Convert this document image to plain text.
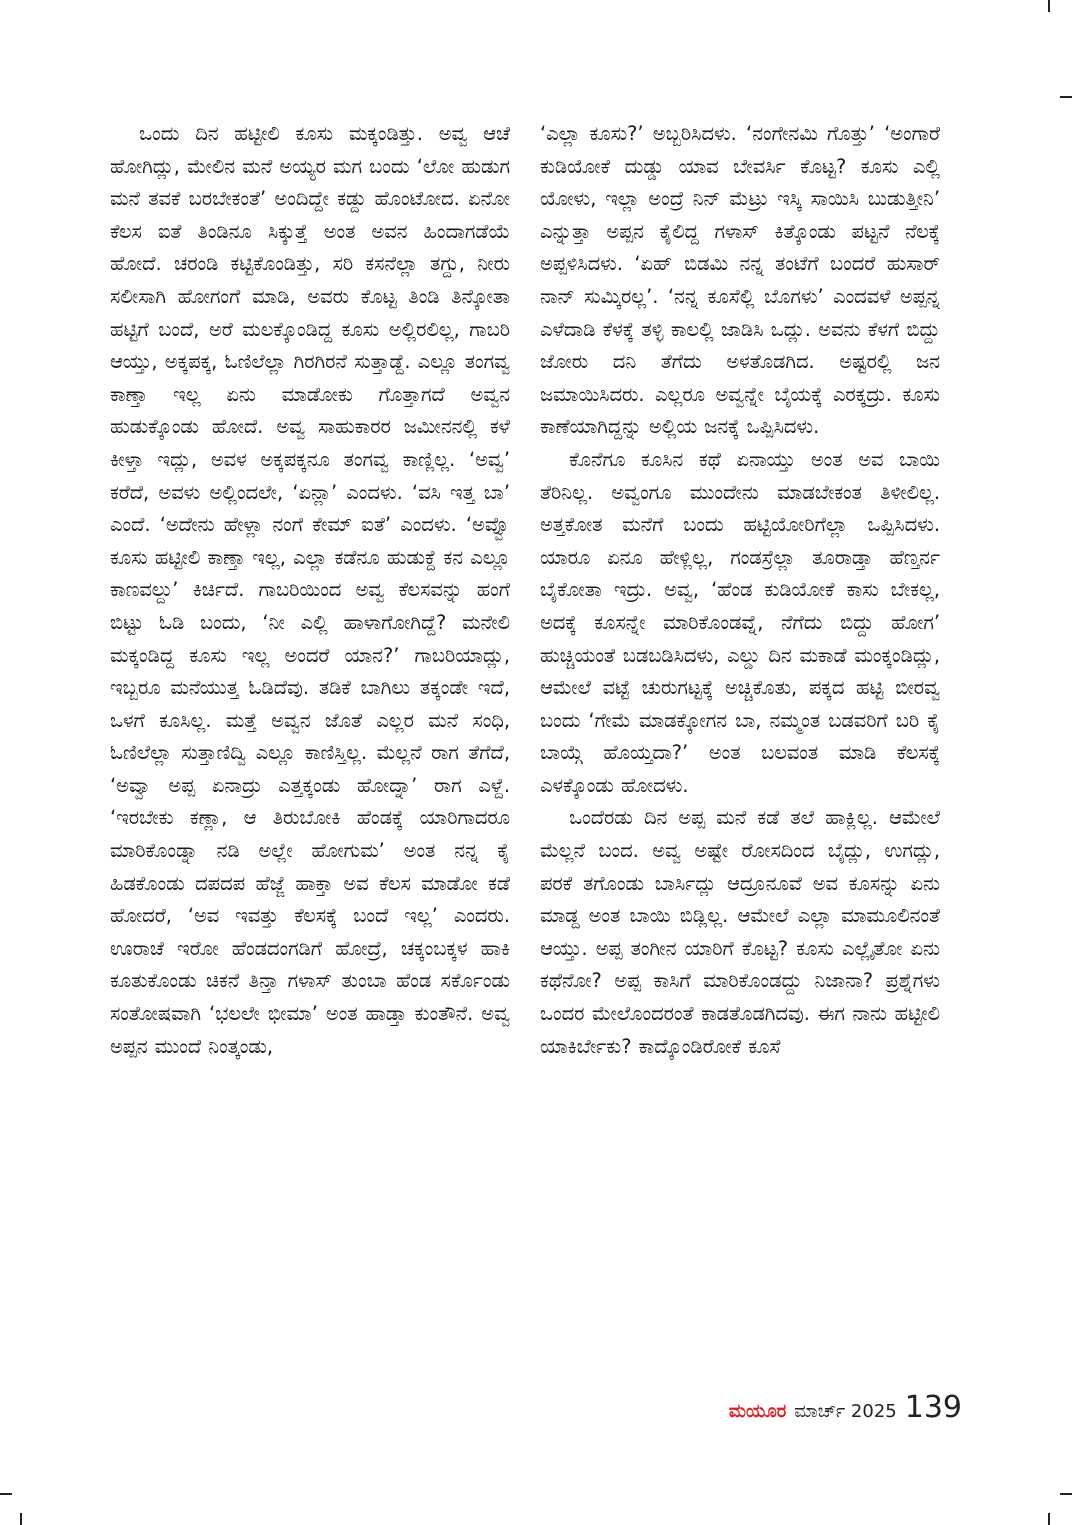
ಒಂದು ದಿನ ಹಟ್ಟೀಲಿ ಕೂಸು ಮಕ್ಕಂಡಿತ್ತು. ಅವ್ವ ಆಚೆ ಹೋಗಿದ್ಲು, ಮೇಲಿನ ಮನೆ ಅಯ್ಯರ ಮಗ ಬಂದು ‘ಲೋ ಹುಡುಗ ಮನೆ ತವಕೆ ಬರಬೇಕಂತೆ’ ಅಂದಿದ್ದೇ ಕಡ್ದು ಹೊಂಟೋದ. ಏನೋ ಕೆಲಸ ಐತೆ ತಿಂಡಿನೂ ಸಿಕ್ಕುತ್ತೆ ಅಂತ ಅವನ ಹಿಂದಾಗಡೆಯೆ ಹೋದೆ. ಚರಂಡಿ ಕಟ್ಟಿಕೊಂಡಿತ್ತು, ಸರಿ ಕಸನೆಲ್ಲಾ ತಗ್ದು, ನೀರು ಸಲೀಸಾಗಿ ಹೋಗಂಗೆ ಮಾಡಿ, ಅವರು ಕೊಟ್ಟ ತಿಂಡಿ ತಿನ್ಕೋತಾ ಹಟ್ಟಿಗೆ ಬಂದೆ, ಅರೆ ಮಲಕ್ಕೊಂಡಿದ್ದ ಕೂಸು ಅಲ್ಲಿರಲಿಲ್ಲ, ಗಾಬರಿ ಆಯ್ತು, ಅಕ್ಕಪಕ್ಕ, ಓಣಿಲೆಲ್ಲಾ ಗಿರಗಿರನೆ ಸುತ್ತಾಡ್ದೆ. ಎಲ್ಲೂ ತಂಗವ್ವ ಕಾಣ್ತಾ ಇಲ್ಲ ಏನು ಮಾಡೋಕು ಗೊತ್ತಾಗದೆ ಅವ್ವನ ಹುಡುಕ್ಕೊಂಡು ಹೋದೆ. ಅವ್ವ ಸಾಹುಕಾರರ ಜಮೀನನಲ್ಲಿ ಕಳೆ ಕೀಳ್ತಾ ಇದ್ಲು, ಅವಳ ಅಕ್ಕಪಕ್ಕನೂ ತಂಗವ್ವ ಕಾಣ್ಲಿಲ್ಲ. ‘ಅವ್ವ’ ಕರೆದೆ, ಅವಳು ಅಲ್ಲಿಂದಲೇ, ‘ಏನ್ಲಾ’ ಎಂದಳು. ‘ವಸಿ ಇತ್ತ ಬಾ’ ಎಂದೆ. ‘ಅದೇನು ಹೇಳ್ಲಾ ನಂಗೆ ಕೇಮ್ ಐತೆ’ ಎಂದಳು. ‘ಅವ್ವೊ ಕೂಸು ಹಟ್ಟೀಲಿ ಕಾಣ್ತಾ ಇಲ್ಲ, ಎಲ್ಲಾ ಕಡೆನೂ ಹುಡುಕ್ದೆ ಕನ ಎಲ್ಲೂ ಕಾಣವಲ್ದು’ ಕಿರ್ಚಿದೆ. ಗಾಬರಿಯಿಂದ ಅವ್ವ ಕೆಲಸವನ್ನು ಹಂಗೆ ಬಿಟ್ಟು ಓಡಿ ಬಂದು, ‘ನೀ ಎಲ್ಲಿ ಹಾಳಾಗೋಗಿದ್ದೆ? ಮನೇಲಿ ಮಕ್ಕಂಡಿದ್ದ ಕೂಸು ಇಲ್ಲ ಅಂದರೆ ಯಾನ?’ ಗಾಬರಿಯಾದ್ಲು, ಇಬ್ಬರೂ ಮನೆಯುತ್ತ ಓಡಿದೆವು. ತಡಿಕೆ ಬಾಗಿಲು ತಕ್ಕಂಡೇ ಇದೆ, ಒಳಗೆ ಕೂಸಿಲ್ಲ. ಮತ್ತೆ ಅವ್ವನ ಜೊತೆ ಎಲ್ಲರ ಮನೆ ಸಂಧಿ, ಓಣಿಲೆಲ್ಲಾ ಸುತ್ತಾಣಿದ್ವಿ ಎಲ್ಲೂ ಕಾಣಿಸ್ತಿಲ್ಲ. ಮೆಲ್ಲನೆ ರಾಗ ತೆಗೆದೆ, ‘ಅವ್ವಾ ಅಪ್ಪ ಏನಾದ್ರು ಎತ್ತಕ್ಕಂಡು ಹೋದ್ನಾ’ ರಾಗ ಎಳ್ದೆ. ‘ಇರಬೇಕು ಕಣ್ಲಾ, ಆ ತಿರುಬೋಕಿ ಹೆಂಡಕ್ಕೆ ಯಾರಿಗಾದರೂ ಮಾರಿಕೊಂಡ್ನಾ ನಡಿ ಅಲ್ಲೇ ಹೋಗುಮ’ ಅಂತ ನನ್ನ ಕೈ ಹಿಡಕೊಂಡು ದಪದಪ ಹೆಜ್ಜೆ ಹಾಕ್ತಾ ಅವ ಕೆಲಸ ಮಾಡೋ ಕಡೆ ಹೋದರೆ, ‘ಅವ ಇವತ್ತು ಕೆಲಸಕ್ಕೆ ಬಂದೆ ಇಲ್ಲ’ ಎಂದರು. ಊರಾಚೆ ಇರೋ ಹೆಂಡದಂಗಡಿಗೆ ಹೋದ್ರೆ, ಚಕ್ಕಂಬಕ್ಕಳ ಹಾಕಿ ಕೂತುಕೊಂಡು ಚಿಕನೆ ತಿನ್ತಾ ಗಳಾಸ್ ತುಂಬಾ ಹೆಂಡ ಸರ್ಕೊಂಡು ಸಂತೋಷವಾಗಿ ‘ಭಲಲೇ ಭೀಮಾ’ ಅಂತ ಹಾಡ್ತಾ ಕುಂತೌನೆ. ಅವ್ವ ಅಪ್ಪನ ಮುಂದೆ ನಿಂತ್ಕಂಡು,

‘ಎಲ್ಲಾ ಕೂಸು?’ ಅಬ್ಬರಿಸಿದಳು. ‘ನಂಗೇನಮಿ ಗೊತ್ತು’ ‘ಅಂಗಾರೆ ಕುಡಿಯೋಕೆ ದುಡ್ಡು ಯಾವ ಬೇವರ್ಸಿ ಕೊಟ್ಟ? ಕೂಸು ಎಲ್ಲಿ ಯೋಳು, ಇಲ್ಲಾ ಅಂದ್ರೆ ನಿನ್ ಮೆಟ್ರು ಇಸ್ಕಿ ಸಾಯಿಸಿ ಬುಡುತ್ತೀನಿ’ ಎನ್ನುತ್ತಾ ಅಪ್ಪನ ಕೈಲಿದ್ದ ಗಳಾಸ್ ಕಿತ್ಕೊಂಡು ಪಟ್ಟನೆ ನೆಲಕ್ಕೆ ಅಪ್ಪಳಿಸಿದಳು. ‘ಏಹ್ ಬಿಡಮಿ ನನ್ನ ತಂಟೆಗೆ ಬಂದರೆ ಹುಸಾರ್ ನಾನ್ ಸುಮ್ಕಿರಲ್ಲ’. ‘ನನ್ನ ಕೂಸೆಲ್ಲಿ ಬೊಗಳು’ ಎಂದವಳೆ ಅಪ್ಪನ್ನ ಎಳೆದಾಡಿ ಕೆಳಕ್ಕೆ ತಳ್ಳಿ ಕಾಲಲ್ಲಿ ಜಾಡಿಸಿ ಒದ್ಲು. ಅವನು ಕೆಳಗೆ ಬಿದ್ದು ಜೋರು ದನಿ ತೆಗೆದು ಅಳತೊಡಗಿದ. ಅಷ್ಟರಲ್ಲಿ ಜನ ಜಮಾಯಿಸಿದರು. ಎಲ್ಲರೂ ಅವ್ವನ್ನೇ ಬೈಯಕ್ಕೆ ಎರಕ್ಕದ್ರು. ಕೂಸು ಕಾಣೆಯಾಗಿದ್ದನ್ನು ಅಲ್ಲಿಯ ಜನಕ್ಕೆ ಒಪ್ಪಿಸಿದಳು.

ಕೊನೆಗೂ ಕೂಸಿನ ಕಥೆ ಏನಾಯ್ತು ಅಂತ ಅವ ಬಾಯಿ ತೆರಿನಿಲ್ಲ. ಅವ್ವಂಗೂ ಮುಂದೇನು ಮಾಡಬೇಕಂತ ತಿಳೀಲಿಲ್ಲ. ಅತ್ತಕೋತ ಮನೆಗೆ ಬಂದು ಹಟ್ಟಿಯೋರಿಗೆಲ್ಲಾ ಒಪ್ಪಿಸಿದಳು. ಯಾರೂ ಏನೂ ಹೇಳ್ಲಿಲ್ಲ, ಗಂಡಸ್ರೆಲ್ಲಾ ತೂರಾಡ್ತಾ ಹೆಣ್ತರ್ನ ಬೈಕೋತಾ ಇದ್ರು. ಅವ್ವ, ‘ಹೆಂಡ ಕುಡಿಯೋಕೆ ಕಾಸು ಬೇಕಲ್ಲ, ಅದಕ್ಕೆ ಕೂಸನ್ನೇ ಮಾರಿಕೊಂಡವ್ನೆ, ನೆಗೆದು ಬಿದ್ದು ಹೋಗ’ ಹುಚ್ಚಿಯಂತೆ ಬಡಬಡಿಸಿದಳು, ಎಲ್ಡು ದಿನ ಮಕಾಡೆ ಮಂಕ್ಕಂಡಿದ್ಲು, ಆಮೇಲೆ ವಟ್ಟೆ ಚುರುಗಟ್ಟಕ್ಕೆ ಅಚ್ಚಿಕೊತು, ಪಕ್ಕದ ಹಟ್ಟಿ ಬೀರವ್ವ ಬಂದು ‘ಗೇಮೆ ಮಾಡಕ್ಕೋಗನ ಬಾ, ನಮ್ಮಂತ ಬಡವರಿಗೆ ಬರಿ ಕೈ ಬಾಯ್ಗೆ ಹೊಯ್ತದಾ?’ ಅಂತ ಬಲವಂತ ಮಾಡಿ ಕೆಲಸಕ್ಕೆ ಎಳಕ್ಕೊಂಡು ಹೋದಳು.

ಒಂದೆರಡು ದಿನ ಅಪ್ಪ ಮನೆ ಕಡೆ ತಲೆ ಹಾಕ್ಲಿಲ್ಲ. ಆಮೇಲೆ ಮೆಲ್ಲನೆ ಬಂದ. ಅವ್ವ ಅಷ್ಟೇ ರೋಸದಿಂದ ಬೈದ್ಲು, ಉಗದ್ಲು, ಪರಕೆ ತಗೊಂಡು ಬಾರ್ಸಿದ್ಲು ಆದ್ರೂನೂವೆ ಅವ ಕೂಸನ್ನು ಏನು ಮಾಡ್ದ ಅಂತ ಬಾಯಿ ಬಿಡ್ಲಿಲ್ಲ. ಆಮೇಲೆ ಎಲ್ಲಾ ಮಾಮೂಲಿನಂತೆ ಆಯ್ತು. ಅಪ್ಪ ತಂಗೀನ ಯಾರಿಗೆ ಕೊಟ್ಟ? ಕೂಸು ಎಲ್ಲೈತೋ ಏನು ಕಥೆನೋ? ಅಪ್ಪ ಕಾಸಿಗೆ ಮಾರಿಕೊಂಡದ್ದು ನಿಜಾನಾ? ಪ್ರಶ್ನೆಗಳು ಒಂದರ ಮೇಲೊಂದರಂತೆ ಕಾಡತೊಡಗಿದವು. ಈಗ ನಾನು ಹಟ್ಟೀಲಿ ಯಾಕಿರ್ಬೇಕು? ಕಾದ್ಕೊಂಡಿರೋಕೆ ಕೂಸೆ

ಮಯೂರ ಮಾರ್ಚ್ 2025 139
